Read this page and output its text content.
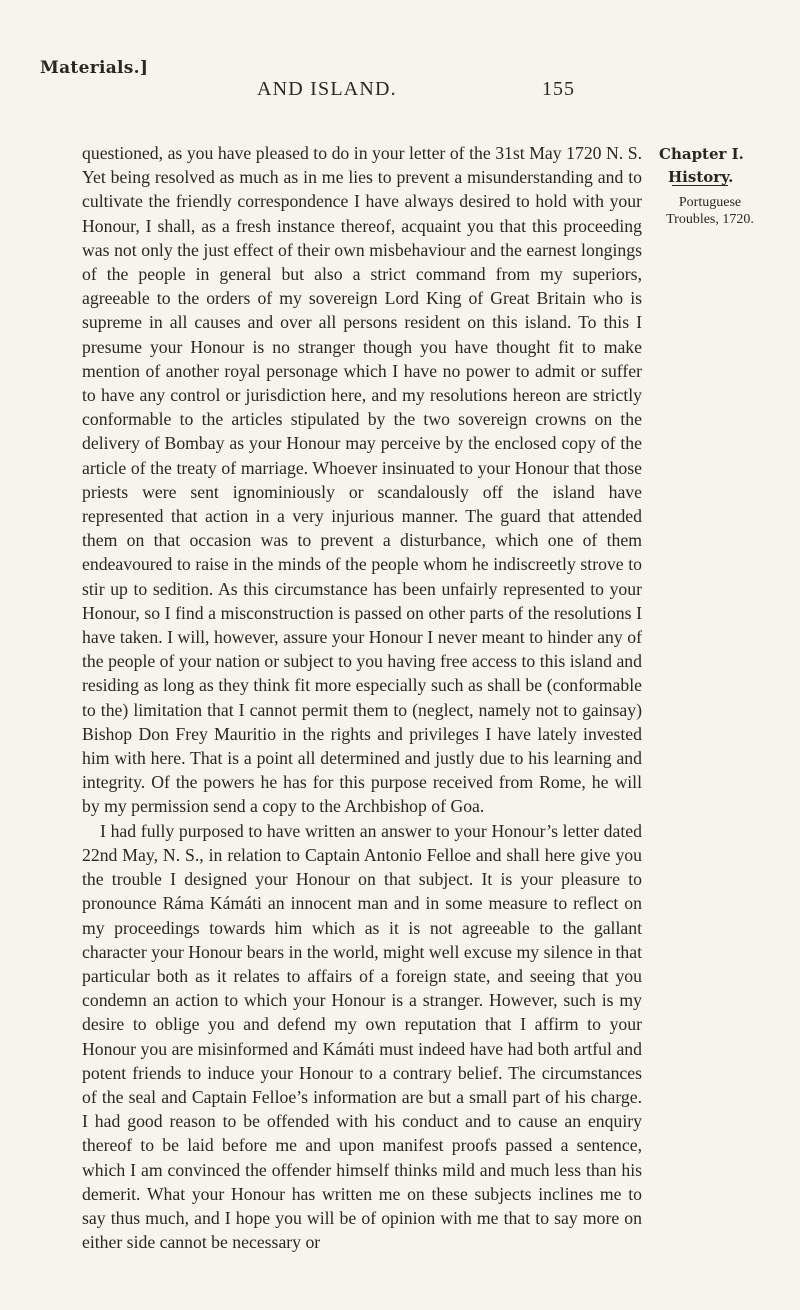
Materials.]
AND ISLAND.	155

questioned, as you have pleased to do in your letter of the 31st May 1720 N. S. Yet being resolved as much as in me lies to prevent a misunderstanding and to cultivate the friendly correspondence I have always desired to hold with your Honour, I shall, as a fresh instance thereof, acquaint you that this proceeding was not only the just effect of their own misbehaviour and the earnest longings of the people in general but also a strict command from my superiors, agreeable to the orders of my sovereign Lord King of Great Britain who is supreme in all causes and over all persons resident on this island. To this I presume your Honour is no stranger though you have thought fit to make mention of another royal personage which I have no power to admit or suffer to have any control or jurisdiction here, and my resolutions hereon are strictly conformable to the articles stipulated by the two sovereign crowns on the delivery of Bombay as your Honour may perceive by the enclosed copy of the article of the treaty of marriage. Whoever insinuated to your Honour that those priests were sent ignominiously or scandalously off the island have represented that action in a very injurious manner. The guard that attended them on that occasion was to prevent a disturbance, which one of them endeavoured to raise in the minds of the people whom he indiscreetly strove to stir up to sedition. As this circumstance has been unfairly represented to your Honour, so I find a misconstruction is passed on other parts of the resolutions I have taken. I will, however, assure your Honour I never meant to hinder any of the people of your nation or subject to you having free access to this island and residing as long as they think fit more especially such as shall be (conformable to the) limitation that I cannot permit them to (neglect, namely not to gainsay) Bishop Don Frey Mauritio in the rights and privileges I have lately invested him with here. That is a point all determined and justly due to his learning and integrity. Of the powers he has for this purpose received from Rome, he will by my permission send a copy to the Archbishop of Goa.

I had fully purposed to have written an answer to your Honour’s letter dated 22nd May, N. S., in relation to Captain Antonio Felloe and shall here give you the trouble I designed your Honour on that subject. It is your pleasure to pronounce Ráma Kámáti an innocent man and in some measure to reflect on my proceedings towards him which as it is not agreeable to the gallant character your Honour bears in the world, might well excuse my silence in that particular both as it relates to affairs of a foreign state, and seeing that you condemn an action to which your Honour is a stranger. However, such is my desire to oblige you and defend my own reputation that I affirm to your Honour you are misinformed and Kámáti must indeed have had both artful and potent friends to induce your Honour to a contrary belief. The circumstances of the seal and Captain Felloe’s information are but a small part of his charge. I had good reason to be offended with his conduct and to cause an enquiry thereof to be laid before me and upon manifest proofs passed a sentence, which I am convinced the offender himself thinks mild and much less than his demerit. What your Honour has written me on these subjects inclines me to say thus much, and I hope you will be of opinion with me that to say more on either side cannot be necessary or

Chapter I.
History.
Portuguese Troubles, 1720.
